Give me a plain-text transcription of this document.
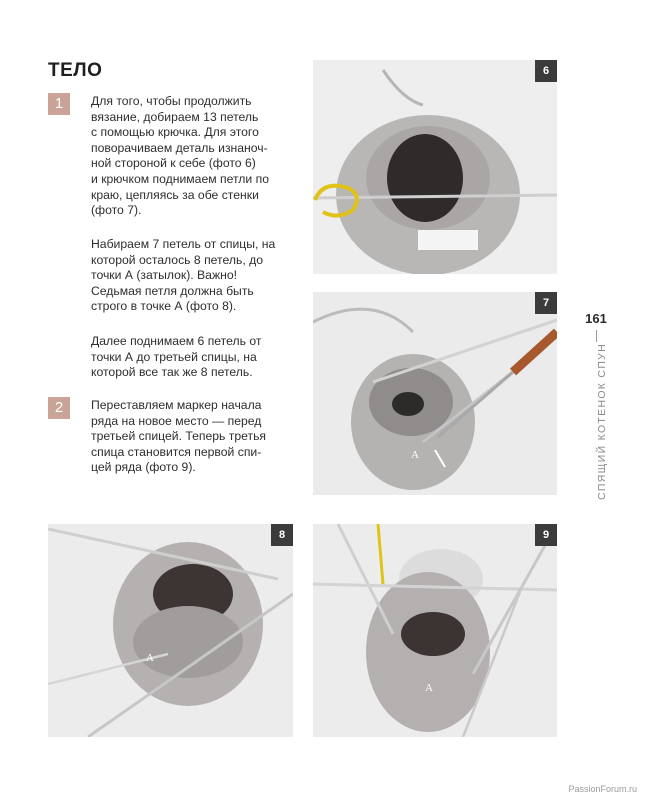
ТЕЛО
1	Для того, чтобы продолжить
вязание, добираем 13 петель
с помощью крючка. Для этого
поворачиваем деталь изнаноч-
ной стороной к себе (фото 6)
и крючком поднимаем петли по
краю, цепляясь за обе стенки
(фото 7).
Набираем 7 петель от спицы, на
которой осталось 8 петель, до
точки А (затылок). Важно!
Седьмая петля должна быть
строго в точке А (фото 8).
Далее поднимаем 6 петель от
точки А до третьей спицы, на
которой все так же 8 петель.
2	Переставляем маркер начала
ряда на новое место — перед
третьей спицей. Теперь третья
спица становится первой спи-
цей ряда (фото 9).
6
A
7
A
8
A
9
161
СПЯЩИЙ КОТЕНОК СПУН
PassionForum.ru
